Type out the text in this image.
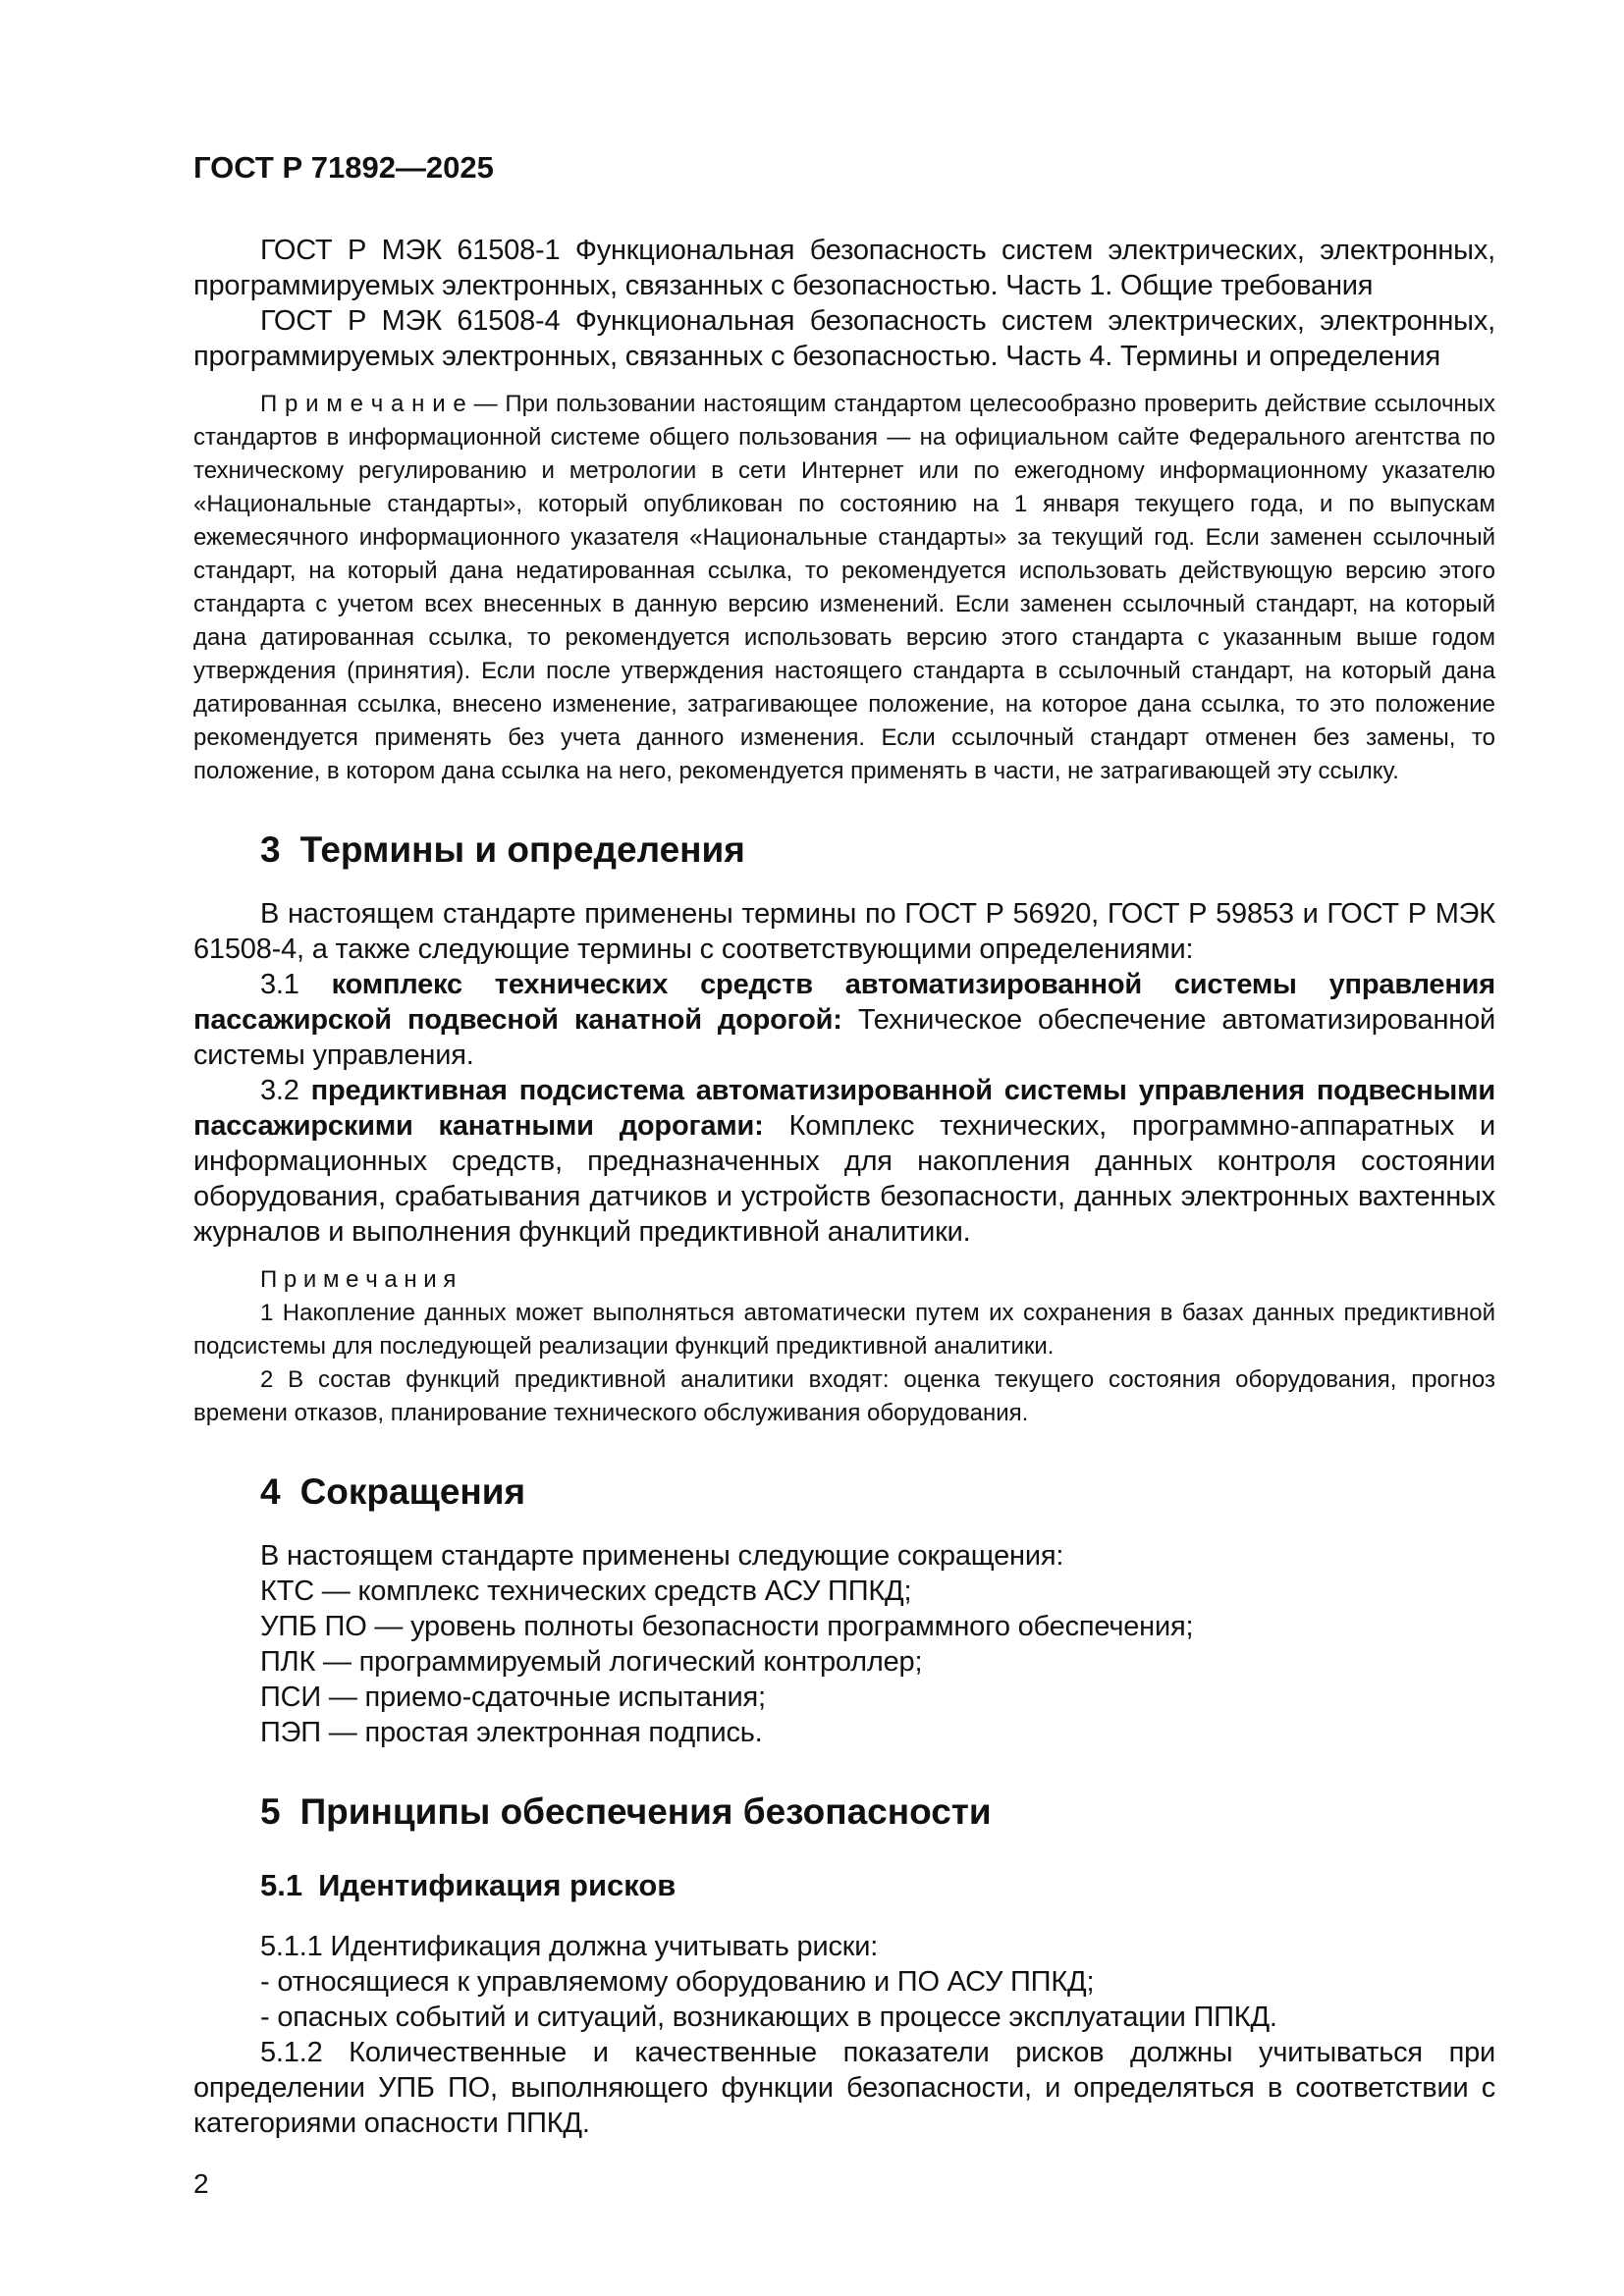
ГОСТ Р 71892—2025

ГОСТ Р МЭК 61508-1 Функциональная безопасность систем электрических, электронных, программируемых электронных, связанных с безопасностью. Часть 1. Общие требования

ГОСТ Р МЭК 61508-4 Функциональная безопасность систем электрических, электронных, программируемых электронных, связанных с безопасностью. Часть 4. Термины и определения

П р и м е ч а н и е — При пользовании настоящим стандартом целесообразно проверить действие ссылочных стандартов в информационной системе общего пользования — на официальном сайте Федерального агентства по техническому регулированию и метрологии в сети Интернет или по ежегодному информационному указателю «Национальные стандарты», который опубликован по состоянию на 1 января текущего года, и по выпускам ежемесячного информационного указателя «Национальные стандарты» за текущий год. Если заменен ссылочный стандарт, на который дана недатированная ссылка, то рекомендуется использовать действующую версию этого стандарта с учетом всех внесенных в данную версию изменений. Если заменен ссылочный стандарт, на который дана датированная ссылка, то рекомендуется использовать версию этого стандарта с указанным выше годом утверждения (принятия). Если после утверждения настоящего стандарта в ссылочный стандарт, на который дана датированная ссылка, внесено изменение, затрагивающее положение, на которое дана ссылка, то это положение рекомендуется применять без учета данного изменения. Если ссылочный стандарт отменен без замены, то положение, в котором дана ссылка на него, рекомендуется применять в части, не затрагивающей эту ссылку.

3 Термины и определения

В настоящем стандарте применены термины по ГОСТ Р 56920, ГОСТ Р 59853 и ГОСТ Р МЭК 61508-4, а также следующие термины с соответствующими определениями:

3.1 комплекс технических средств автоматизированной системы управления пассажирской подвесной канатной дорогой: Техническое обеспечение автоматизированной системы управления.

3.2 предиктивная подсистема автоматизированной системы управления подвесными пассажирскими канатными дорогами: Комплекс технических, программно-аппаратных и информационных средств, предназначенных для накопления данных контроля состоянии оборудования, срабатывания датчиков и устройств безопасности, данных электронных вахтенных журналов и выполнения функций предиктивной аналитики.

П р и м е ч а н и я

1 Накопление данных может выполняться автоматически путем их сохранения в базах данных предиктивной подсистемы для последующей реализации функций предиктивной аналитики.

2 В состав функций предиктивной аналитики входят: оценка текущего состояния оборудования, прогноз времени отказов, планирование технического обслуживания оборудования.

4 Сокращения

В настоящем стандарте применены следующие сокращения:

КТС — комплекс технических средств АСУ ППКД;

УПБ ПО — уровень полноты безопасности программного обеспечения;

ПЛК — программируемый логический контроллер;

ПСИ — приемо-сдаточные испытания;

ПЭП — простая электронная подпись.

5 Принципы обеспечения безопасности
5.1 Идентификация рисков

5.1.1 Идентификация должна учитывать риски:

- относящиеся к управляемому оборудованию и ПО АСУ ППКД;

- опасных событий и ситуаций, возникающих в процессе эксплуатации ППКД.

5.1.2 Количественные и качественные показатели рисков должны учитываться при определении УПБ ПО, выполняющего функции безопасности, и определяться в соответствии с категориями опасности ППКД.

2
